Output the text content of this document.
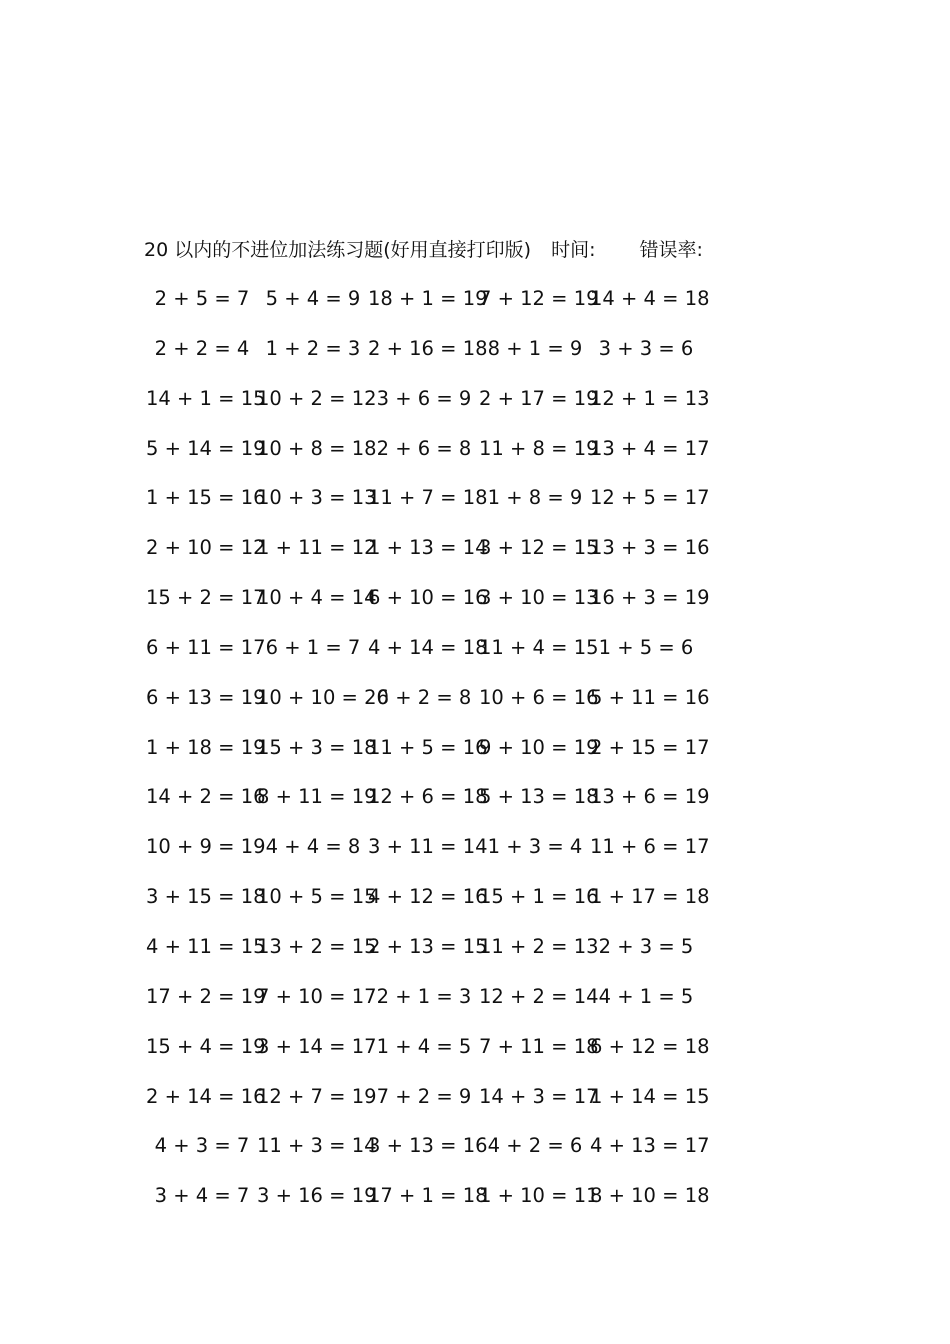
20 以内的不进位加法练习题(好用直接打印版) 时间: 错误率:
2 + 5 = 7 5 + 4 = 9 18 + 1 = 19
7 + 12 = 19
14 + 4 = 18
2 + 2 = 4 1 + 2 = 3 2 + 16 = 18 8 + 1 = 9 3 + 3 = 6
14 + 1 = 15
10 + 2 = 12 3 + 6 = 9 2 + 17 = 19
12 + 1 = 13
5 + 14 = 19
10 + 8 = 18 2 + 6 = 8 11 + 8 = 19
13 + 4 = 17
1 + 15 = 16
10 + 3 = 13
11 + 7 = 18 1 + 8 = 9 12 + 5 = 17
2 + 10 = 12
1 + 11 = 12
1 + 13 = 14
3 + 12 = 15
13 + 3 = 16
15 + 2 = 17
10 + 4 = 14
6 + 10 = 16
3 + 10 = 13
16 + 3 = 19
6 + 11 = 17 6 + 1 = 7 4 + 14 = 18
11 + 4 = 15 1 + 5 = 6
6 + 13 = 19
10 + 10 = 20
6 + 2 = 8 10 + 6 = 16
5 + 11 = 16
1 + 18 = 19
15 + 3 = 18
11 + 5 = 16
9 + 10 = 19
2 + 15 = 17
14 + 2 = 16
8 + 11 = 19
12 + 6 = 18
5 + 13 = 18
13 + 6 = 19
10 + 9 = 19 4 + 4 = 8 3 + 11 = 14 1 + 3 = 4 11 + 6 = 17
3 + 15 = 18
10 + 5 = 15
4 + 12 = 16
15 + 1 = 16
1 + 17 = 18
4 + 11 = 15
13 + 2 = 15
2 + 13 = 15
11 + 2 = 13 2 + 3 = 5
17 + 2 = 19
7 + 10 = 17 2 + 1 = 3 12 + 2 = 14 4 + 1 = 5
15 + 4 = 19
3 + 14 = 17 1 + 4 = 5 7 + 11 = 18
6 + 12 = 18
2 + 14 = 16
12 + 7 = 19 7 + 2 = 9 14 + 3 = 17
1 + 14 = 15
4 + 3 = 7 11 + 3 = 14
3 + 13 = 16 4 + 2 = 6 4 + 13 = 17
3 + 4 = 7 3 + 16 = 19
17 + 1 = 18
1 + 10 = 11
8 + 10 = 18
